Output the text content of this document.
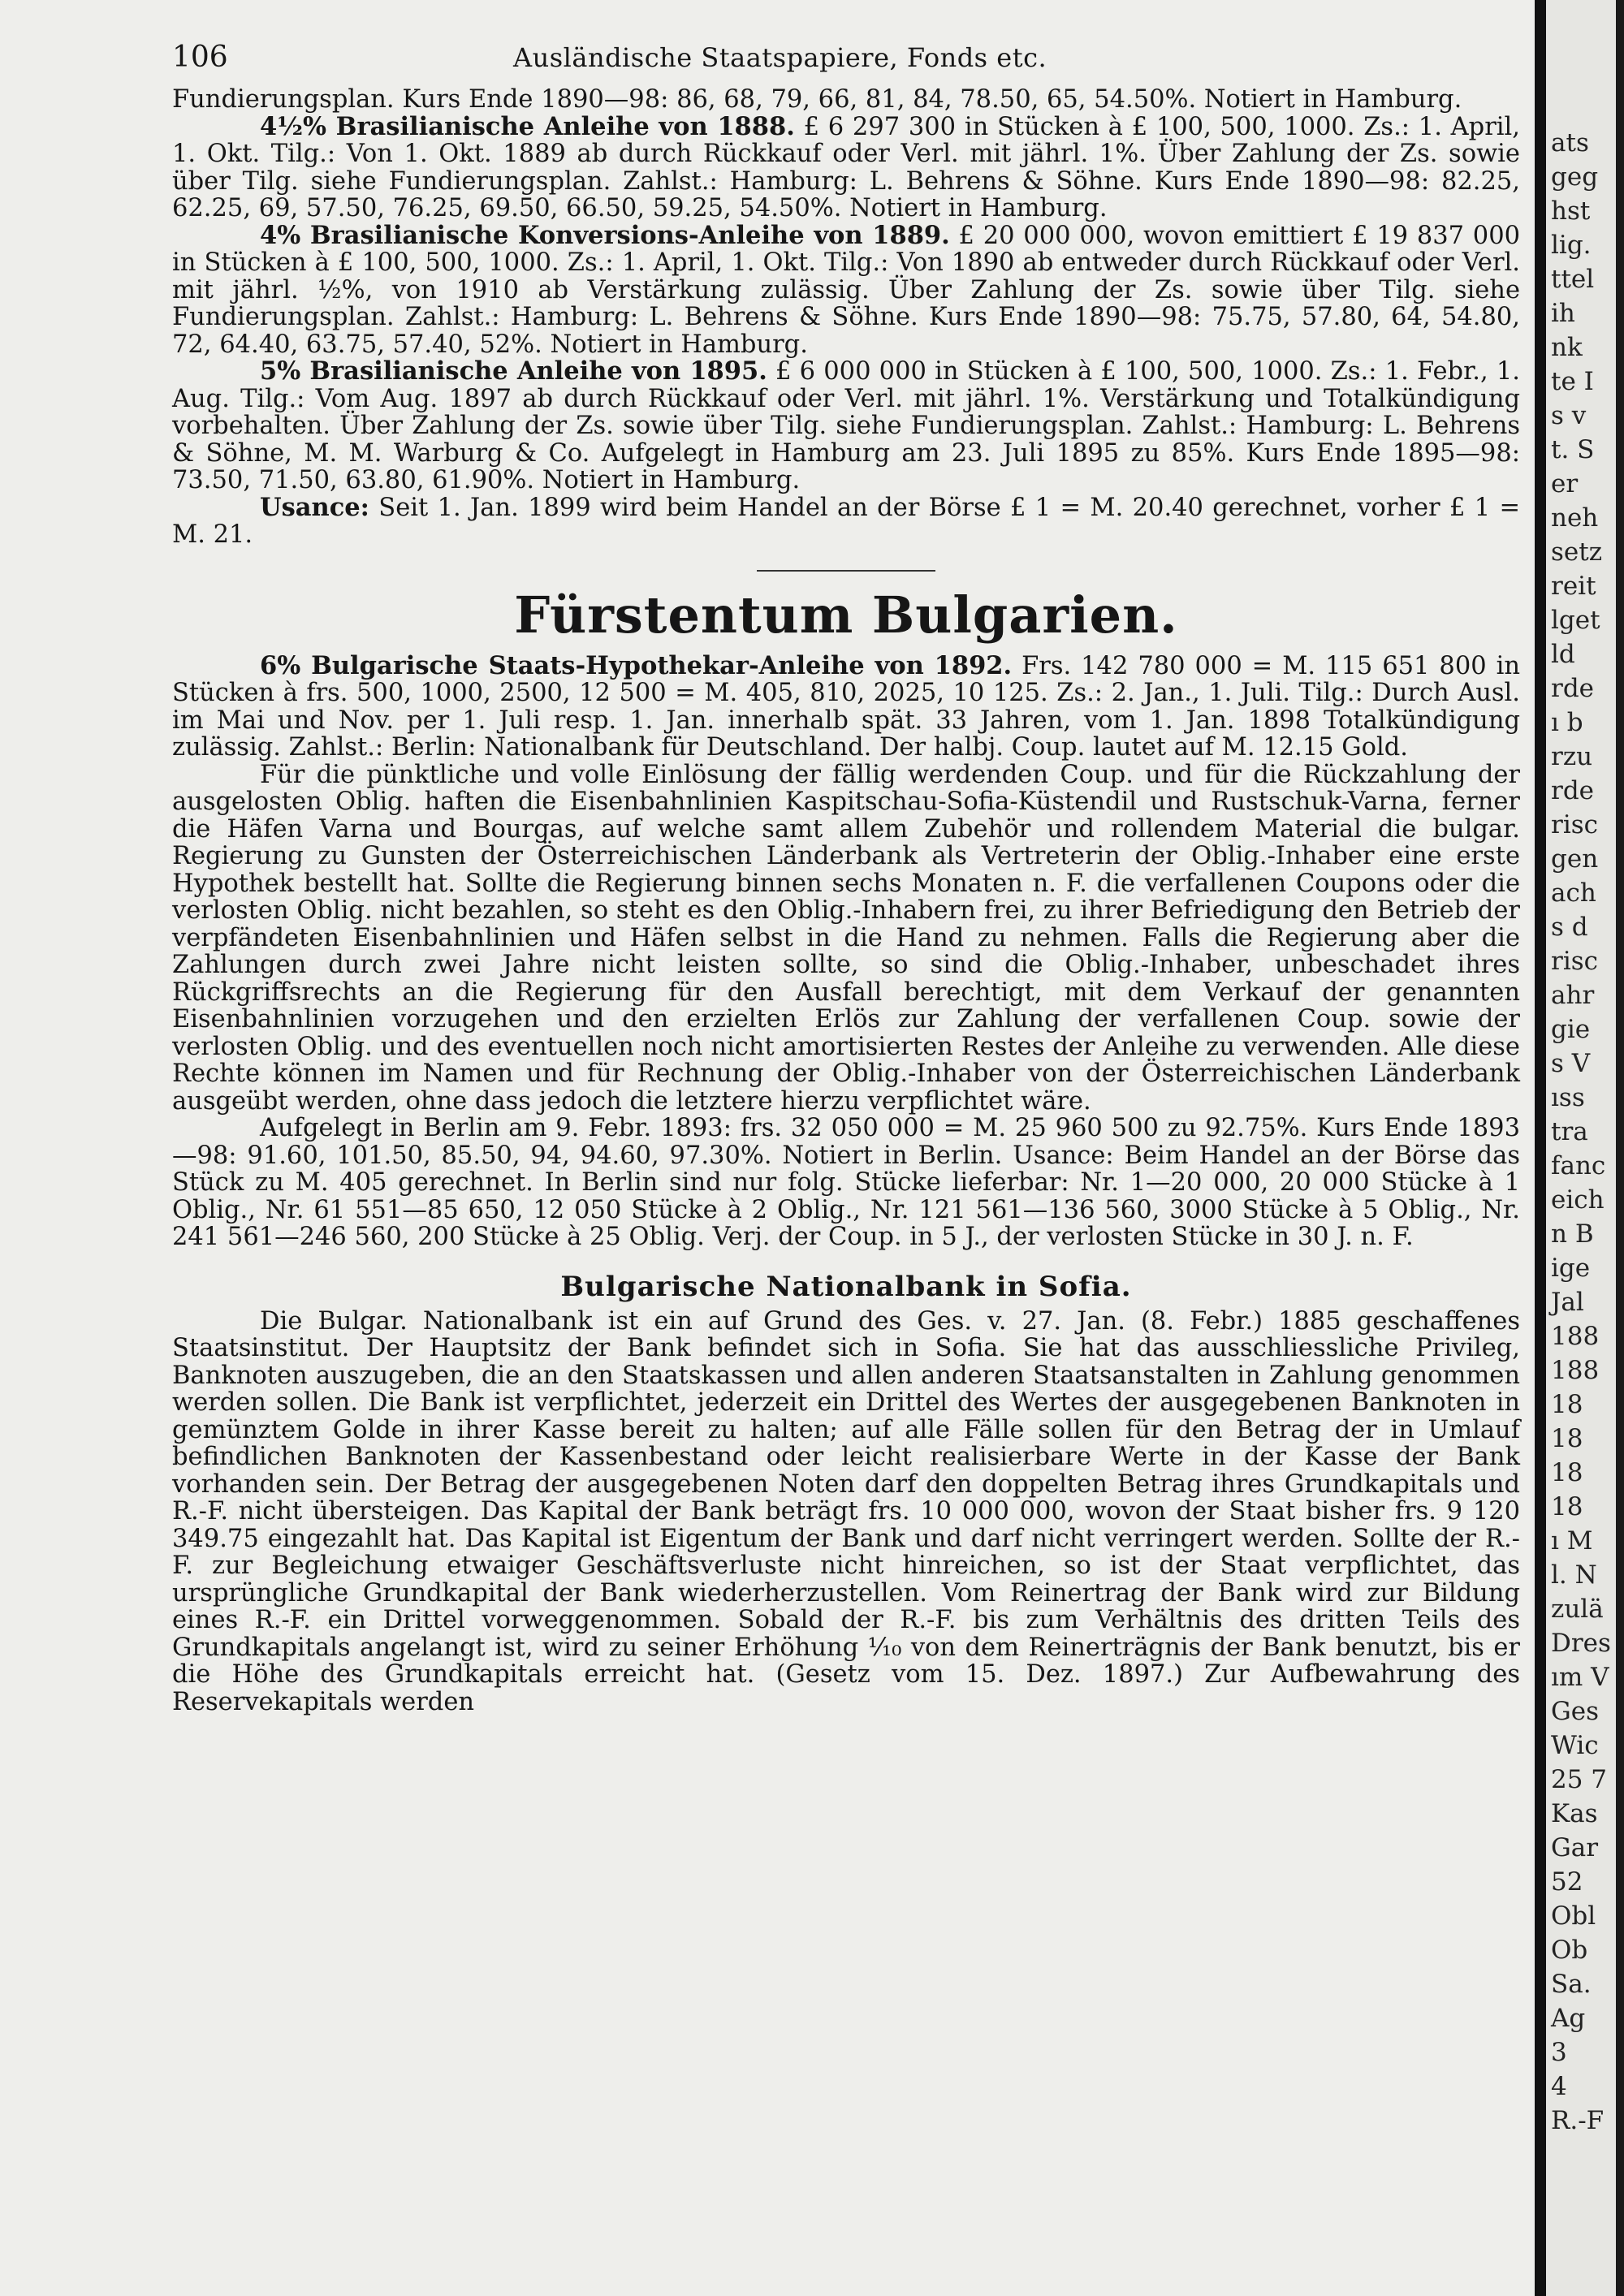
106	Ausländische Staatspapiere, Fonds etc.

Fundierungsplan. Kurs Ende 1890—98: 86, 68, 79, 66, 81, 84, 78.50, 65, 54.50%. Notiert in Hamburg.

4½% Brasilianische Anleihe von 1888. £ 6 297 300 in Stücken à £ 100, 500, 1000. Zs.: 1. April, 1. Okt. Tilg.: Von 1. Okt. 1889 ab durch Rückkauf oder Verl. mit jährl. 1%. Über Zahlung der Zs. sowie über Tilg. siehe Fundierungsplan. Zahlst.: Hamburg: L. Behrens & Söhne. Kurs Ende 1890—98: 82.25, 62.25, 69, 57.50, 76.25, 69.50, 66.50, 59.25, 54.50%. Notiert in Hamburg.

4% Brasilianische Konversions-Anleihe von 1889. £ 20 000 000, wovon emittiert £ 19 837 000 in Stücken à £ 100, 500, 1000. Zs.: 1. April, 1. Okt. Tilg.: Von 1890 ab entweder durch Rückkauf oder Verl. mit jährl. ½%, von 1910 ab Verstärkung zulässig. Über Zahlung der Zs. sowie über Tilg. siehe Fundierungsplan. Zahlst.: Hamburg: L. Behrens & Söhne. Kurs Ende 1890—98: 75.75, 57.80, 64, 54.80, 72, 64.40, 63.75, 57.40, 52%. Notiert in Hamburg.

5% Brasilianische Anleihe von 1895. £ 6 000 000 in Stücken à £ 100, 500, 1000. Zs.: 1. Febr., 1. Aug. Tilg.: Vom Aug. 1897 ab durch Rückkauf oder Verl. mit jährl. 1%. Verstärkung und Totalkündigung vorbehalten. Über Zahlung der Zs. sowie über Tilg. siehe Fundierungsplan. Zahlst.: Hamburg: L. Behrens & Söhne, M. M. Warburg & Co. Aufgelegt in Hamburg am 23. Juli 1895 zu 85%. Kurs Ende 1895—98: 73.50, 71.50, 63.80, 61.90%. Notiert in Hamburg.

Usance: Seit 1. Jan. 1899 wird beim Handel an der Börse £ 1 = M. 20.40 gerechnet, vorher £ 1 = M. 21.

Fürstentum Bulgarien.

6% Bulgarische Staats-Hypothekar-Anleihe von 1892. Frs. 142 780 000 = M. 115 651 800 in Stücken à frs. 500, 1000, 2500, 12 500 = M. 405, 810, 2025, 10 125. Zs.: 2. Jan., 1. Juli. Tilg.: Durch Ausl. im Mai und Nov. per 1. Juli resp. 1. Jan. innerhalb spät. 33 Jahren, vom 1. Jan. 1898 Totalkündigung zulässig. Zahlst.: Berlin: Nationalbank für Deutschland. Der halbj. Coup. lautet auf M. 12.15 Gold.

Für die pünktliche und volle Einlösung der fällig werdenden Coup. und für die Rückzahlung der ausgelosten Oblig. haften die Eisenbahnlinien Kaspitschau-Sofia-Küstendil und Rustschuk-Varna, ferner die Häfen Varna und Bourgas, auf welche samt allem Zubehör und rollendem Material die bulgar. Regierung zu Gunsten der Österreichischen Länderbank als Vertreterin der Oblig.-Inhaber eine erste Hypothek bestellt hat. Sollte die Regierung binnen sechs Monaten n. F. die verfallenen Coupons oder die verlosten Oblig. nicht bezahlen, so steht es den Oblig.-Inhabern frei, zu ihrer Befriedigung den Betrieb der verpfändeten Eisenbahnlinien und Häfen selbst in die Hand zu nehmen. Falls die Regierung aber die Zahlungen durch zwei Jahre nicht leisten sollte, so sind die Oblig.-Inhaber, unbeschadet ihres Rückgriffsrechts an die Regierung für den Ausfall berechtigt, mit dem Verkauf der genannten Eisenbahnlinien vorzugehen und den erzielten Erlös zur Zahlung der verfallenen Coup. sowie der verlosten Oblig. und des eventuellen noch nicht amortisierten Restes der Anleihe zu verwenden. Alle diese Rechte können im Namen und für Rechnung der Oblig.-Inhaber von der Österreichischen Länderbank ausgeübt werden, ohne dass jedoch die letztere hierzu verpflichtet wäre.

Aufgelegt in Berlin am 9. Febr. 1893: frs. 32 050 000 = M. 25 960 500 zu 92.75%. Kurs Ende 1893—98: 91.60, 101.50, 85.50, 94, 94.60, 97.30%. Notiert in Berlin. Usance: Beim Handel an der Börse das Stück zu M. 405 gerechnet. In Berlin sind nur folg. Stücke lieferbar: Nr. 1—20 000, 20 000 Stücke à 1 Oblig., Nr. 61 551—85 650, 12 050 Stücke à 2 Oblig., Nr. 121 561—136 560, 3000 Stücke à 5 Oblig., Nr. 241 561—246 560, 200 Stücke à 25 Oblig. Verj. der Coup. in 5 J., der verlosten Stücke in 30 J. n. F.

Bulgarische Nationalbank in Sofia.

Die Bulgar. Nationalbank ist ein auf Grund des Ges. v. 27. Jan. (8. Febr.) 1885 geschaffenes Staatsinstitut. Der Hauptsitz der Bank befindet sich in Sofia. Sie hat das ausschliessliche Privileg, Banknoten auszugeben, die an den Staatskassen und allen anderen Staatsanstalten in Zahlung genommen werden sollen. Die Bank ist verpflichtet, jederzeit ein Drittel des Wertes der ausgegebenen Banknoten in gemünztem Golde in ihrer Kasse bereit zu halten; auf alle Fälle sollen für den Betrag der in Umlauf befindlichen Banknoten der Kassenbestand oder leicht realisierbare Werte in der Kasse der Bank vorhanden sein. Der Betrag der ausgegebenen Noten darf den doppelten Betrag ihres Grundkapitals und R.-F. nicht übersteigen. Das Kapital der Bank beträgt frs. 10 000 000, wovon der Staat bisher frs. 9 120 349.75 eingezahlt hat. Das Kapital ist Eigentum der Bank und darf nicht verringert werden. Sollte der R.-F. zur Begleichung etwaiger Geschäftsverluste nicht hinreichen, so ist der Staat verpflichtet, das ursprüngliche Grundkapital der Bank wiederherzustellen. Vom Reinertrag der Bank wird zur Bildung eines R.-F. ein Drittel vorweggenommen. Sobald der R.-F. bis zum Verhältnis des dritten Teils des Grundkapitals angelangt ist, wird zu seiner Erhöhung ¹⁄₁₀ von dem Reinerträgnis der Bank benutzt, bis er die Höhe des Grundkapitals erreicht hat. (Gesetz vom 15. Dez. 1897.) Zur Aufbewahrung des Reservekapitals werden

ats
geg
hst
lig.
ttel
ih
nk
te I
s v
t. S
er
neh
setz
reit
lget
ld
rde
ı b
rzu
rde
risc
gen
ach
s d
risc
ahr
gie
s V
ıss
tra
fanc
eich
n B
ige
Jal
188
188
18
18
18
18
ı M
l. N
zulä
Dres
ım V
Ges
Wic
25 7
Kas
Gar
52
Obl
Ob
Sa.
Ag
3
4
R.-F
